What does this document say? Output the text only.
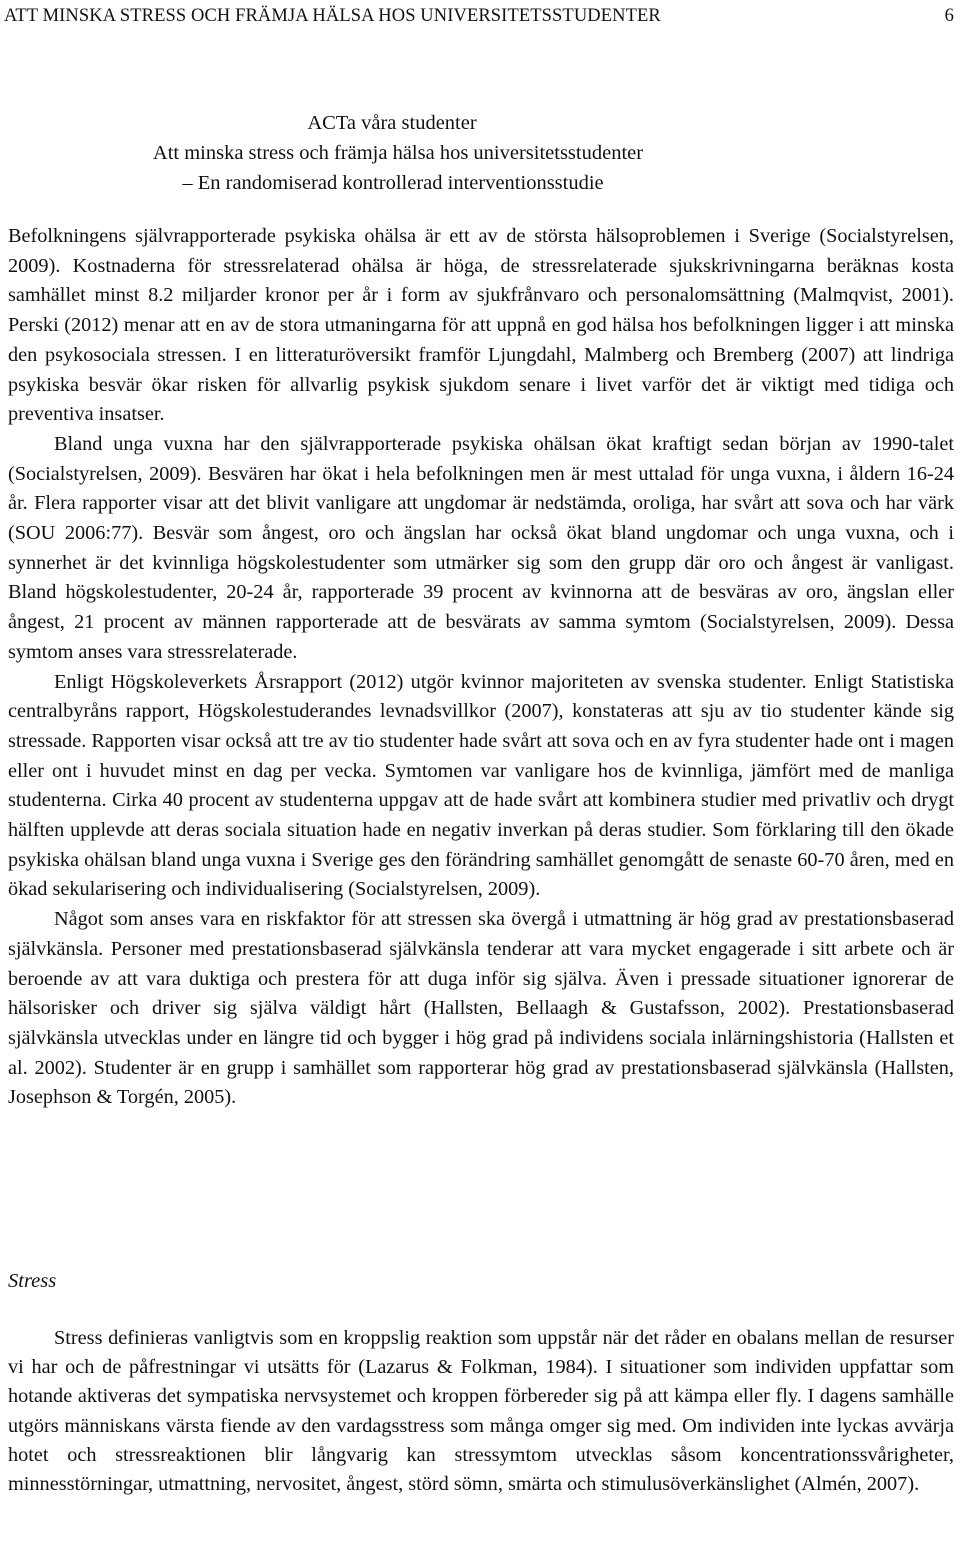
ATT MINSKA STRESS OCH FRÄMJA HÄLSA HOS UNIVERSITETSSTUDENTER	6
ACTa våra studenter
Att minska stress och främja hälsa hos universitetsstudenter
– En randomiserad kontrollerad interventionsstudie

Befolkningens självrapporterade psykiska ohälsa är ett av de största hälsoproblemen i Sverige (Socialstyrelsen, 2009). Kostnaderna för stressrelaterad ohälsa är höga, de stressrelaterade sjukskrivningarna beräknas kosta samhället minst 8.2 miljarder kronor per år i form av sjukfrånvaro och personalomsättning (Malmqvist, 2001). Perski (2012) menar att en av de stora utmaningarna för att uppnå en god hälsa hos befolkningen ligger i att minska den psykosociala stressen. I en litteraturöversikt framför Ljungdahl, Malmberg och Bremberg (2007) att lindriga psykiska besvär ökar risken för allvarlig psykisk sjukdom senare i livet varför det är viktigt med tidiga och preventiva insatser.

Bland unga vuxna har den självrapporterade psykiska ohälsan ökat kraftigt sedan början av 1990-talet (Socialstyrelsen, 2009). Besvären har ökat i hela befolkningen men är mest uttalad för unga vuxna, i åldern 16-24 år. Flera rapporter visar att det blivit vanligare att ungdomar är nedstämda, oroliga, har svårt att sova och har värk (SOU 2006:77). Besvär som ångest, oro och ängslan har också ökat bland ungdomar och unga vuxna, och i synnerhet är det kvinnliga högskolestudenter som utmärker sig som den grupp där oro och ångest är vanligast. Bland högskolestudenter, 20-24 år, rapporterade 39 procent av kvinnorna att de besväras av oro, ängslan eller ångest, 21 procent av männen rapporterade att de besvärats av samma symtom (Socialstyrelsen, 2009). Dessa symtom anses vara stressrelaterade.

Enligt Högskoleverkets Årsrapport (2012) utgör kvinnor majoriteten av svenska studenter. Enligt Statistiska centralbyråns rapport, Högskolestuderandes levnadsvillkor (2007), konstateras att sju av tio studenter kände sig stressade. Rapporten visar också att tre av tio studenter hade svårt att sova och en av fyra studenter hade ont i magen eller ont i huvudet minst en dag per vecka. Symtomen var vanligare hos de kvinnliga, jämfört med de manliga studenterna. Cirka 40 procent av studenterna uppgav att de hade svårt att kombinera studier med privatliv och drygt hälften upplevde att deras sociala situation hade en negativ inverkan på deras studier. Som förklaring till den ökade psykiska ohälsan bland unga vuxna i Sverige ges den förändring samhället genomgått de senaste 60-70 åren, med en ökad sekularisering och individualisering (Socialstyrelsen, 2009).

Något som anses vara en riskfaktor för att stressen ska övergå i utmattning är hög grad av prestationsbaserad självkänsla. Personer med prestationsbaserad självkänsla tenderar att vara mycket engagerade i sitt arbete och är beroende av att vara duktiga och prestera för att duga inför sig själva. Även i pressade situationer ignorerar de hälsorisker och driver sig själva väldigt hårt (Hallsten, Bellaagh & Gustafsson, 2002). Prestationsbaserad självkänsla utvecklas under en längre tid och bygger i hög grad på individens sociala inlärningshistoria (Hallsten et al. 2002). Studenter är en grupp i samhället som rapporterar hög grad av prestationsbaserad självkänsla (Hallsten, Josephson & Torgén, 2005).

Stress

Stress definieras vanligtvis som en kroppslig reaktion som uppstår när det råder en obalans mellan de resurser vi har och de påfrestningar vi utsätts för (Lazarus & Folkman, 1984). I situationer som individen uppfattar som hotande aktiveras det sympatiska nervsystemet och kroppen förbereder sig på att kämpa eller fly. I dagens samhälle utgörs människans värsta fiende av den vardagsstress som många omger sig med. Om individen inte lyckas avvärja hotet och stressreaktionen blir långvarig kan stressymtom utvecklas såsom koncentrationssvårigheter, minnesstörningar, utmattning, nervositet, ångest, störd sömn, smärta och stimulusöverkänslighet (Almén, 2007).
